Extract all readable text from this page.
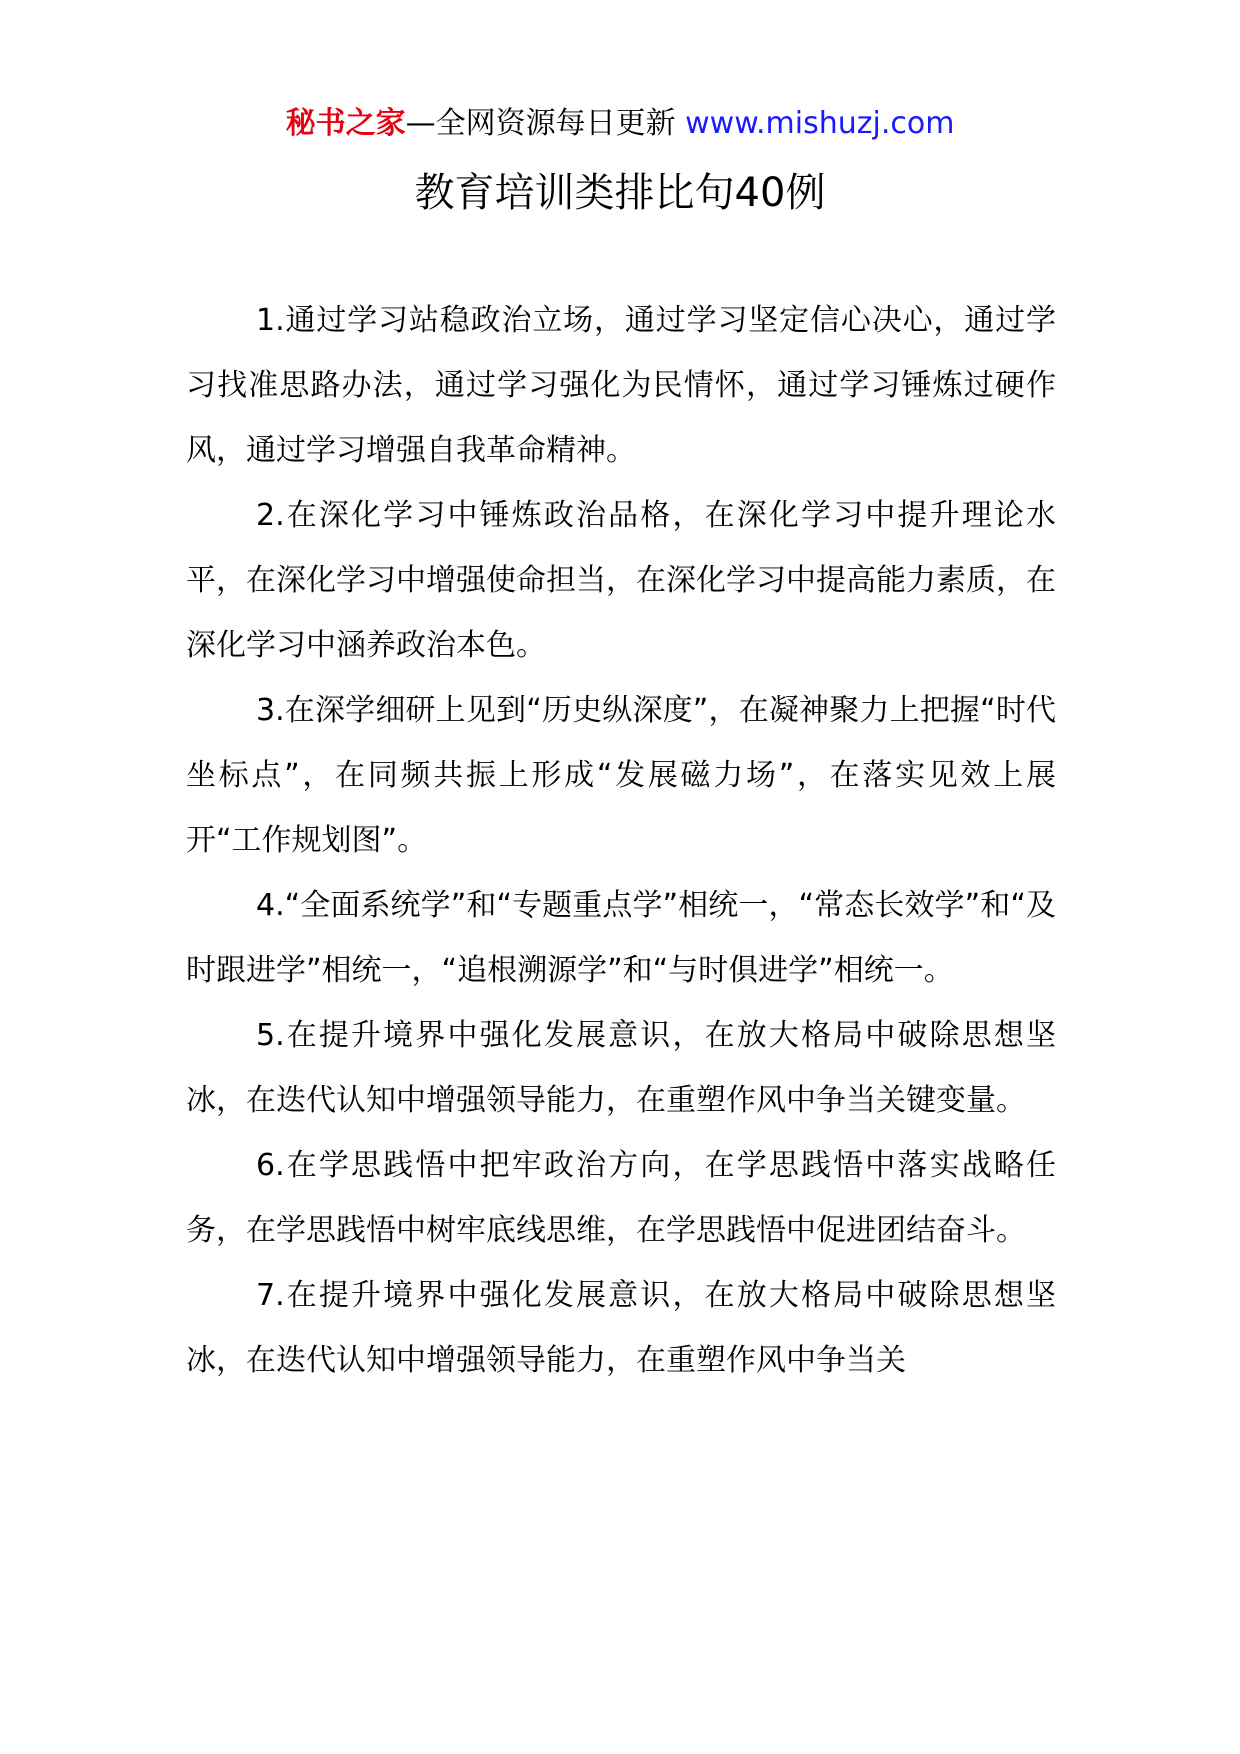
秘书之家—全网资源每日更新 www.mishuzj.com
教育培训类排比句40例

1.通过学习站稳政治立场，通过学习坚定信心决心，通过学习找准思路办法，通过学习强化为民情怀，通过学习锤炼过硬作风，通过学习增强自我革命精神。

2.在深化学习中锤炼政治品格，在深化学习中提升理论水平，在深化学习中增强使命担当，在深化学习中提高能力素质，在深化学习中涵养政治本色。

3.在深学细研上见到“历史纵深度”，在凝神聚力上把握“时代坐标点”，在同频共振上形成“发展磁力场”，在落实见效上展开“工作规划图”。

4.“全面系统学”和“专题重点学”相统一，“常态长效学”和“及时跟进学”相统一，“追根溯源学”和“与时俱进学”相统一。

5.在提升境界中强化发展意识，在放大格局中破除思想坚冰，在迭代认知中增强领导能力，在重塑作风中争当关键变量。

6.在学思践悟中把牢政治方向，在学思践悟中落实战略任务，在学思践悟中树牢底线思维，在学思践悟中促进团结奋斗。

7.在提升境界中强化发展意识，在放大格局中破除思想坚冰，在迭代认知中增强领导能力，在重塑作风中争当关
